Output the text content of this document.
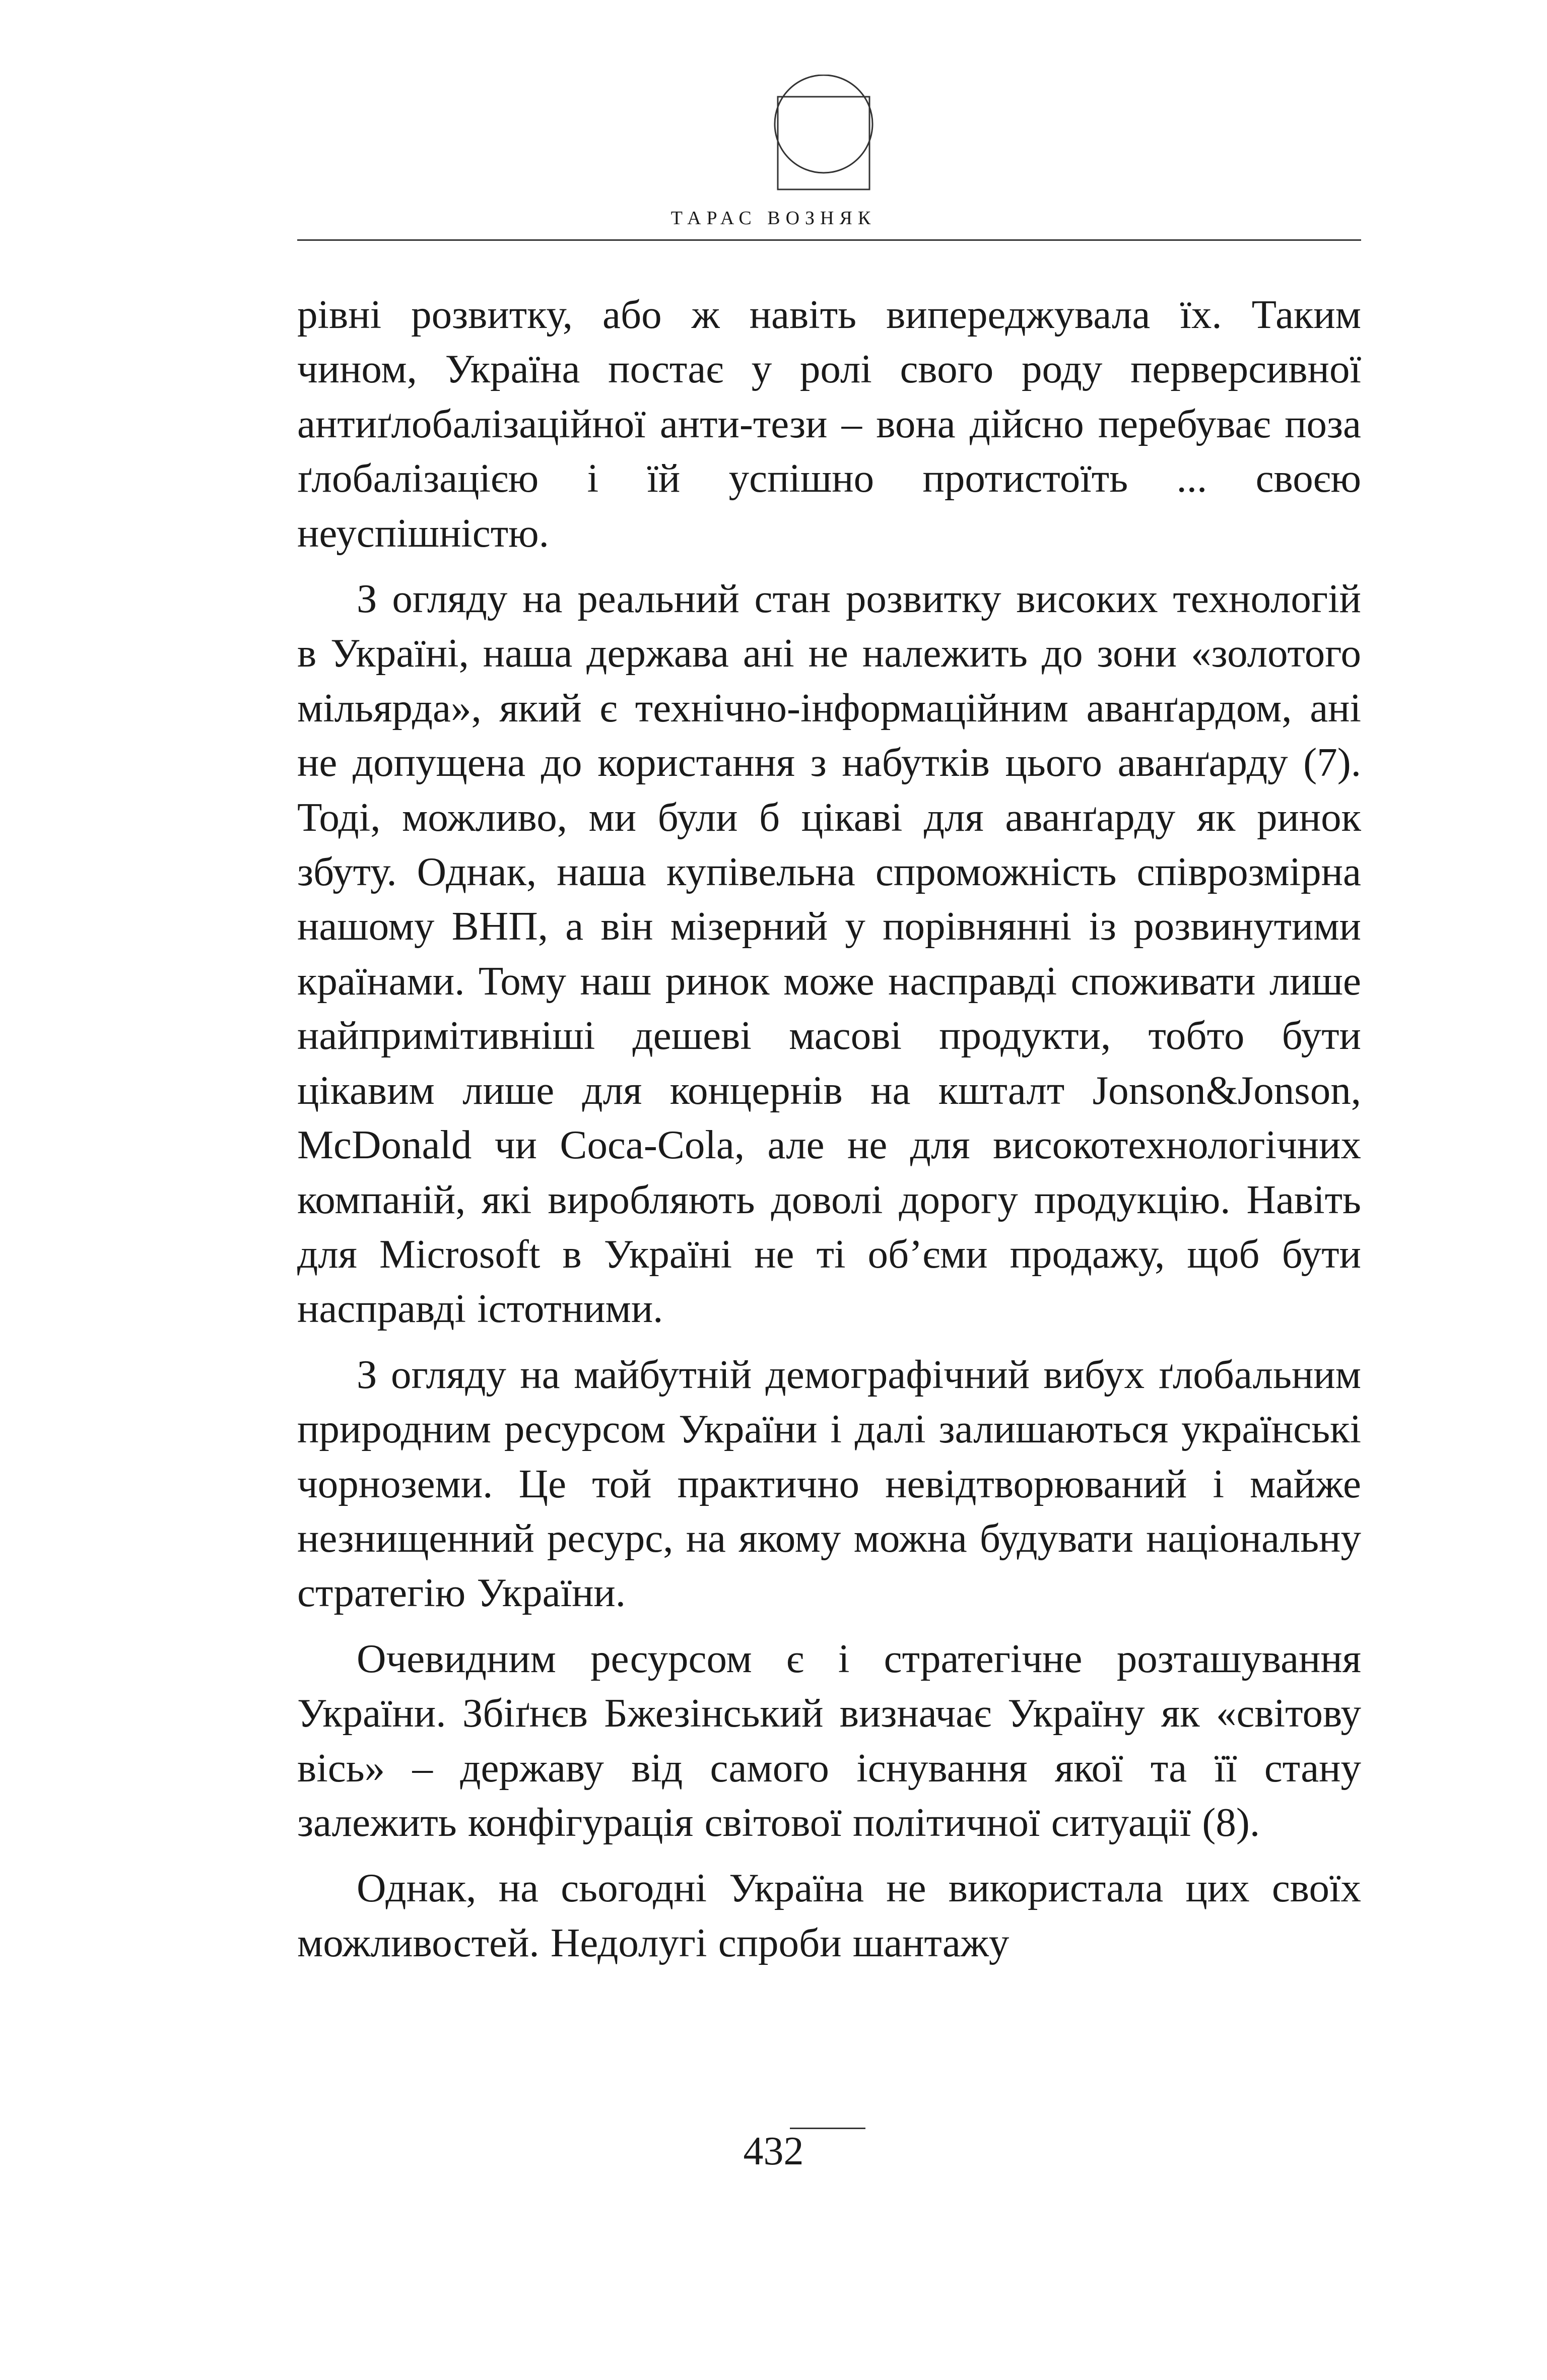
ТАРАС ВОЗНЯК

рівні розвитку, або ж навіть випереджувала їх. Таким чином, Україна постає у ролі свого роду перверсивної антиґлобалізаційної анти-тези – вона дійсно перебуває поза ґлобалізацією і їй успішно протистоїть ... своєю неуспішністю.

З огляду на реальний стан розвитку високих технологій в Україні, наша держава ані не належить до зони «золотого мільярда», який є технічно-інформаційним аванґардом, ані не допущена до користання з набутків цього аванґарду (7). Тоді, можливо, ми були б цікаві для аванґарду як ринок збуту. Однак, наша купівельна спроможність співрозмірна нашому ВНП, а він мізерний у порівнянні із розвинутими країнами. Тому наш ринок може насправді споживати лише найпримітивніші дешеві масові продукти, тобто бути цікавим лише для концернів на кшталт Jonson&Jonson, McDonald чи Coca-Cola, але не для високотехнологічних компаній, які виробляють доволі дорогу продукцію. Навіть для Microsoft в Україні не ті об’єми продажу, щоб бути насправді істотними.

З огляду на майбутній демографічний вибух ґлобальним природним ресурсом України і далі залишаються українські чорноземи. Це той практично невідтворюваний і майже незнищенний ресурс, на якому можна будувати національну стратегію України.

Очевидним ресурсом є і стратегічне розташування України. Збіґнєв Бжезінський визначає Україну як «світову вісь» – державу від самого існування якої та її стану залежить конфігурація світової політичної ситуації (8).

Однак, на сьогодні Україна не використала цих своїх можливостей. Недолугі спроби шантажу

432
